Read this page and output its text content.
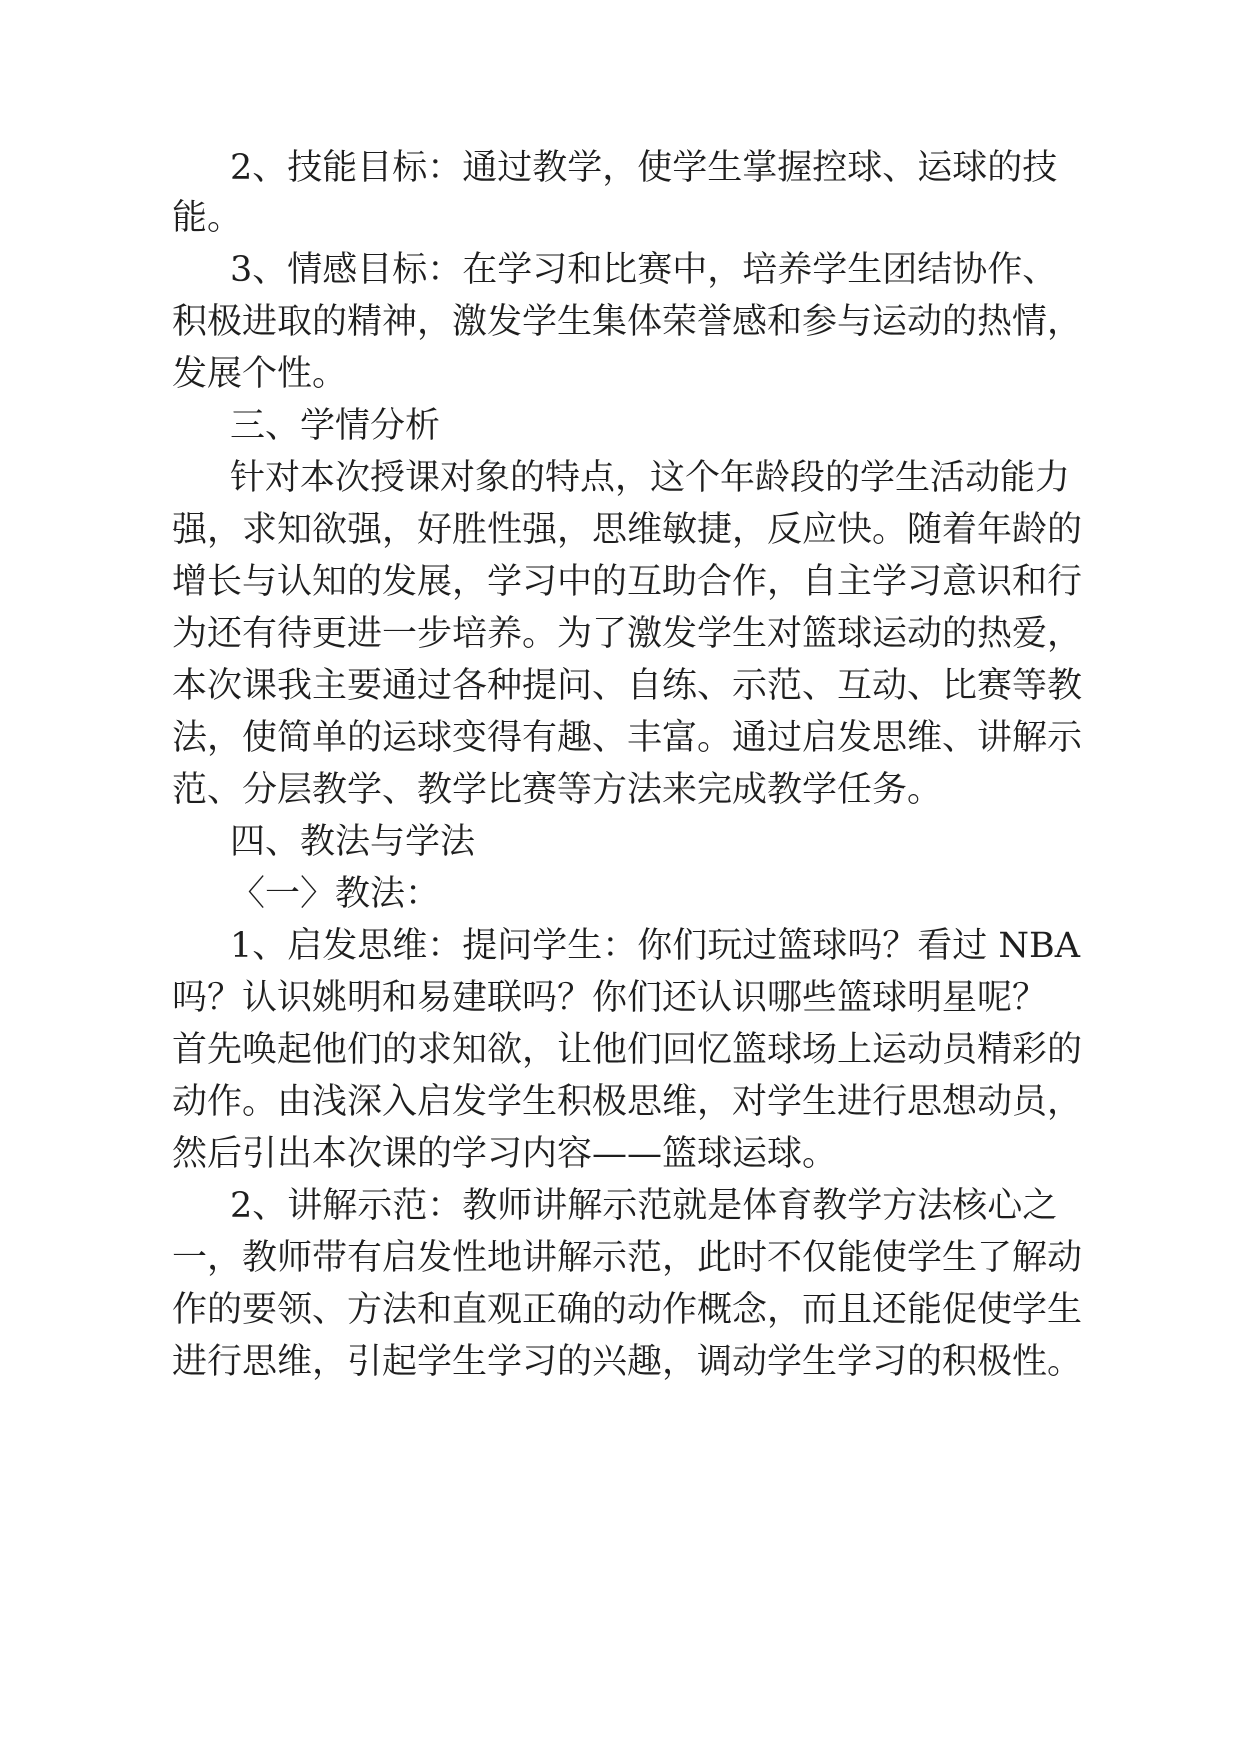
2、技能目标：通过教学，使学生掌握控球、运球的技
能。
3、情感目标：在学习和比赛中，培养学生团结协作、
积极进取的精神，激发学生集体荣誉感和参与运动的热情，
发展个性。
三、学情分析
针对本次授课对象的特点，这个年龄段的学生活动能力
强，求知欲强，好胜性强，思维敏捷，反应快。随着年龄的
增长与认知的发展，学习中的互助合作，自主学习意识和行
为还有待更进一步培养。为了激发学生对篮球运动的热爱，
本次课我主要通过各种提问、自练、示范、互动、比赛等教
法，使简单的运球变得有趣、丰富。通过启发思维、讲解示
范、分层教学、教学比赛等方法来完成教学任务。
四、教法与学法
〈一〉教法：
1、启发思维：提问学生：你们玩过篮球吗？看过 NBA
吗？认识姚明和易建联吗？你们还认识哪些篮球明星呢？
首先唤起他们的求知欲，让他们回忆篮球场上运动员精彩的
动作。由浅深入启发学生积极思维，对学生进行思想动员，
然后引出本次课的学习内容——篮球运球。
2、讲解示范：教师讲解示范就是体育教学方法核心之
一，教师带有启发性地讲解示范，此时不仅能使学生了解动
作的要领、方法和直观正确的动作概念，而且还能促使学生
进行思维，引起学生学习的兴趣，调动学生学习的积极性。
